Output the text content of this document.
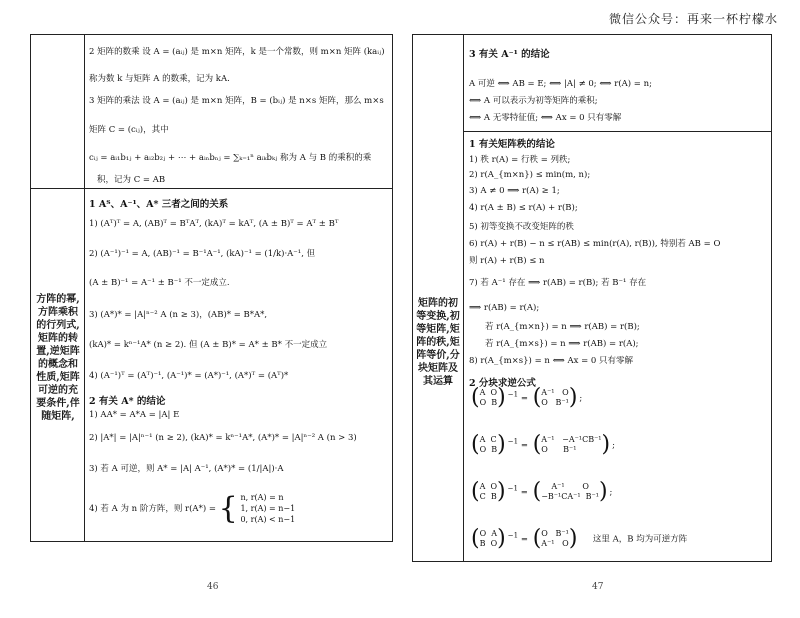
微信公众号：再来一杯柠檬水
方阵的幂,
方阵乘积
的行列式,
矩阵的转
置,逆矩阵
的概念和
性质,矩阵
可逆的充
要条件,伴
随矩阵,
2 矩阵的数乘 设 A = (aᵢⱼ) 是 m×n 矩阵，k 是一个常数，则 m×n 矩阵 (kaᵢⱼ)
称为数 k 与矩阵 A 的数乘，记为 kA.
3 矩阵的乘法 设 A = (aᵢⱼ) 是 m×n 矩阵，B = (bᵢⱼ) 是 n×s 矩阵，那么 m×s
矩阵 C = (cᵢⱼ)，其中
cᵢⱼ = aᵢ₁b₁ⱼ + aᵢ₂b₂ⱼ + ⋯ + aᵢₙbₙⱼ = ∑ₖ₌₁ⁿ aᵢₖbₖⱼ 称为 A 与 B 的乘积的乘
积，记为 C = AB
1 Aᵀ、A⁻¹、A* 三者之间的关系
1) (Aᵀ)ᵀ = A, (AB)ᵀ = BᵀAᵀ, (kA)ᵀ = kAᵀ, (A ± B)ᵀ = Aᵀ ± Bᵀ
2) (A⁻¹)⁻¹ = A, (AB)⁻¹ = B⁻¹A⁻¹, (kA)⁻¹ = (1/k)·A⁻¹, 但
(A ± B)⁻¹ = A⁻¹ ± B⁻¹ 不一定成立.
3) (A*)* = |A|ⁿ⁻² A (n ≥ 3)，(AB)* = B*A*,
(kA)* = kⁿ⁻¹A* (n ≥ 2). 但 (A ± B)* = A* ± B* 不一定成立
4) (A⁻¹)ᵀ = (Aᵀ)⁻¹, (A⁻¹)* = (A*)⁻¹, (A*)ᵀ = (Aᵀ)*
2 有关 A* 的结论
1) AA* = A*A = |A| E
2) |A*| = |A|ⁿ⁻¹ (n ≥ 2), (kA)* = kⁿ⁻¹A*, (A*)* = |A|ⁿ⁻² A (n > 3)
3) 若 A 可逆，则 A* = |A| A⁻¹, (A*)* = (1/|A|)·A
4) 若 A 为 n 阶方阵，则 r(A*) = { n, r(A) = n
1, r(A) = n−1
0, r(A) < n−1
46
矩阵的初
等变换,初
等矩阵,矩
阵的秩,矩
阵等价,分
块矩阵及
其运算
3 有关 A⁻¹ 的结论
A 可逆 ⟺ AB = E; ⟺ |A| ≠ 0; ⟺ r(A) = n;
⟺ A 可以表示为初等矩阵的乘积;
⟺ A 无零特征值; ⟺ Ax = 0 只有零解
1 有关矩阵秩的结论
1) 秩 r(A) = 行秩 = 列秩;
2) r(A_{m×n}) ≤ min(m, n);
3) A ≠ 0 ⟹ r(A) ≥ 1;
4) r(A ± B) ≤ r(A) + r(B);
5) 初等变换不改变矩阵的秩
6) r(A) + r(B) − n ≤ r(AB) ≤ min(r(A), r(B)), 特别若 AB = O
则 r(A) + r(B) ≤ n
7) 若 A⁻¹ 存在 ⟹ r(AB) = r(B); 若 B⁻¹ 存在
⟹ r(AB) = r(A);
若 r(A_{m×n}) = n ⟹ r(AB) = r(B);
若 r(A_{m×s}) = n ⟹ r(AB) = r(A);
8) r(A_{m×s}) = n ⟺ Ax = 0 只有零解
2 分块求逆公式
( A O
O B ) $^{-1}$ = ( A⁻¹ O
O B⁻¹ ) ;
( A C
O B ) $^{-1}$ = ( A⁻¹ −A⁻¹CB⁻¹
O B⁻¹	) ;
( A O
C B ) $^{-1}$ = (	A⁻¹ O
−B⁻¹CA⁻¹ B⁻¹ ) ;
( O A
B O ) $^{-1}$ = ( O B⁻¹
A⁻¹ O ) 这里 A，B 均为可逆方阵
47
